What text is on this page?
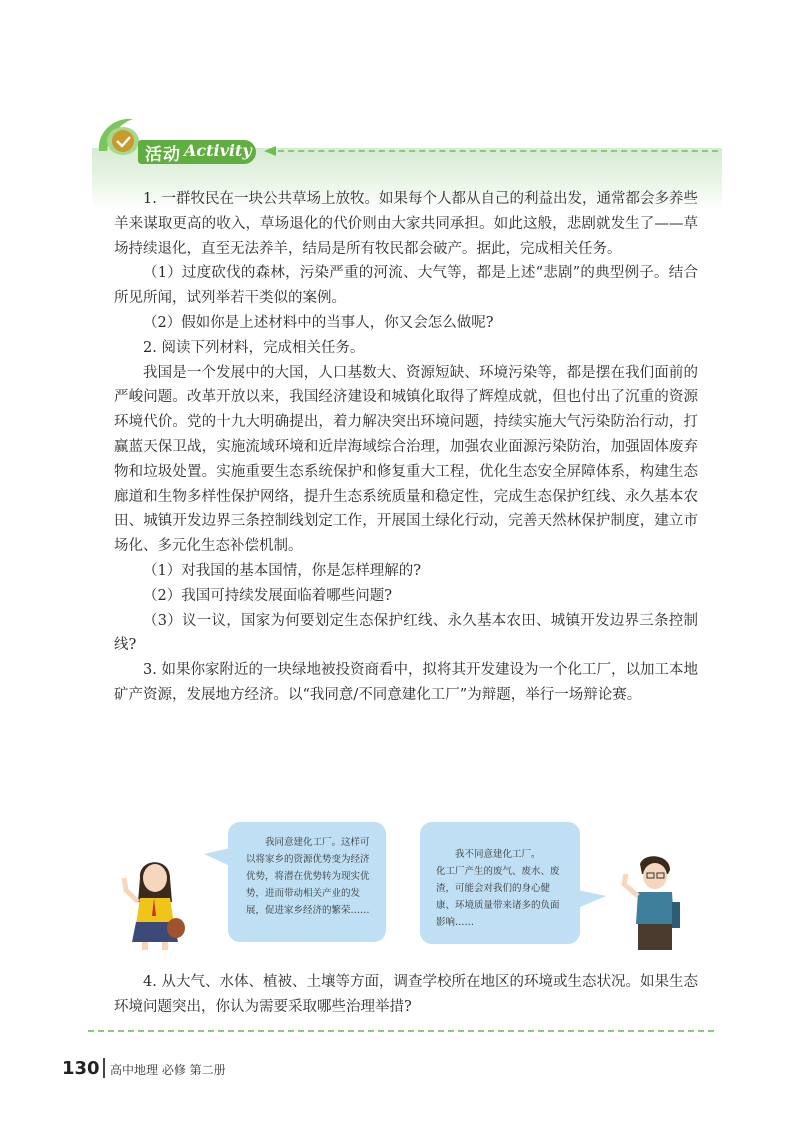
活动 Activity

1. 一群牧民在一块公共草场上放牧。如果每个人都从自己的利益出发，通常都会多养些羊来谋取更高的收入，草场退化的代价则由大家共同承担。如此这般，悲剧就发生了——草场持续退化，直至无法养羊，结局是所有牧民都会破产。据此，完成相关任务。

（1）过度砍伐的森林，污染严重的河流、大气等，都是上述“悲剧”的典型例子。结合所见所闻，试列举若干类似的案例。

（2）假如你是上述材料中的当事人，你又会怎么做呢?

2. 阅读下列材料，完成相关任务。

我国是一个发展中的大国，人口基数大、资源短缺、环境污染等，都是摆在我们面前的严峻问题。改革开放以来，我国经济建设和城镇化取得了辉煌成就，但也付出了沉重的资源环境代价。党的十九大明确提出，着力解决突出环境问题，持续实施大气污染防治行动，打赢蓝天保卫战，实施流域环境和近岸海域综合治理，加强农业面源污染防治，加强固体废弃物和垃圾处置。实施重要生态系统保护和修复重大工程，优化生态安全屏障体系，构建生态廊道和生物多样性保护网络，提升生态系统质量和稳定性，完成生态保护红线、永久基本农田、城镇开发边界三条控制线划定工作，开展国土绿化行动，完善天然林保护制度，建立市场化、多元化生态补偿机制。

（1）对我国的基本国情，你是怎样理解的?

（2）我国可持续发展面临着哪些问题?

（3）议一议，国家为何要划定生态保护红线、永久基本农田、城镇开发边界三条控制线?

3. 如果你家附近的一块绿地被投资商看中，拟将其开发建设为一个化工厂，以加工本地矿产资源，发展地方经济。以“我同意/不同意建化工厂”为辩题，举行一场辩论赛。

我同意建化工厂。这样可以将家乡的资源优势变为经济优势，将潜在优势转为现实优势，进而带动相关产业的发展，促进家乡经济的繁荣……
我不同意建化工厂。
化工厂产生的废气、废水、废渣，可能会对我们的身心健康、环境质量带来诸多的负面影响……

4. 从大气、水体、植被、土壤等方面，调查学校所在地区的环境或生态状况。如果生态环境问题突出，你认为需要采取哪些治理举措?

130 高中地理 必修 第二册
